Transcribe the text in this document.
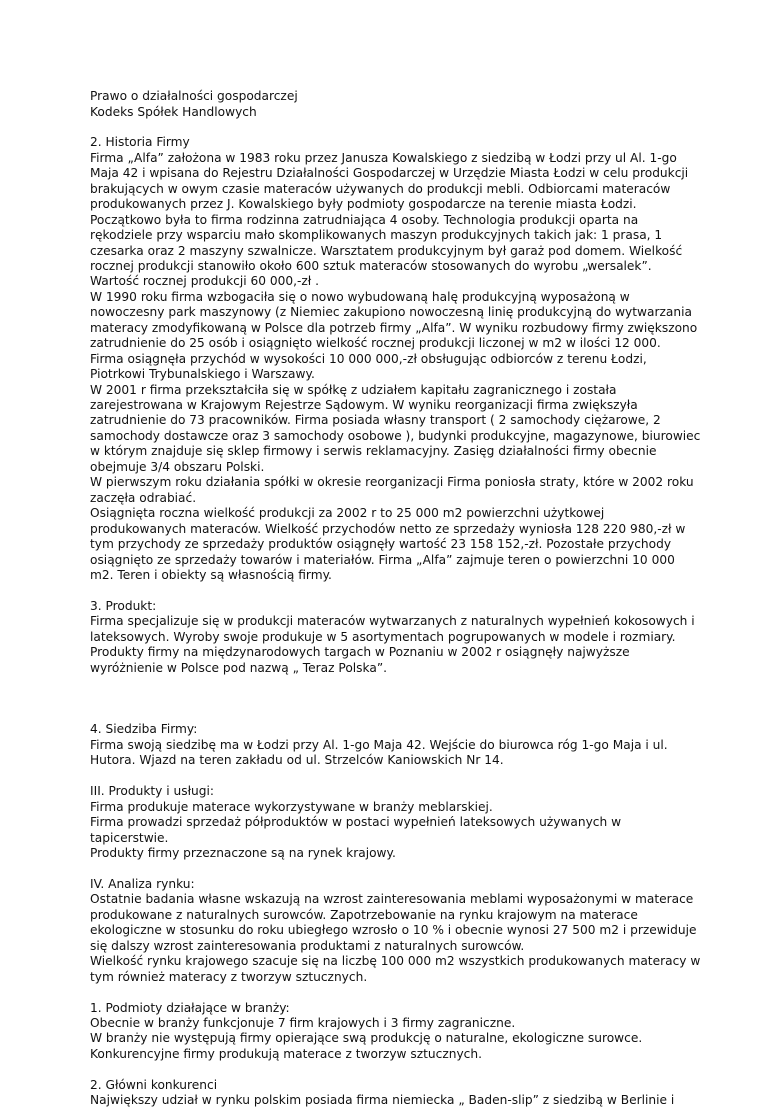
Prawo o działalności gospodarczej
Kodeks Spółek Handlowych
2. Historia Firmy
Firma „Alfa” założona w 1983 roku przez Janusza Kowalskiego z siedzibą w Łodzi przy ul Al. 1-go
Maja 42 i wpisana do Rejestru Działalności Gospodarczej w Urzędzie Miasta Łodzi w celu produkcji
brakujących w owym czasie materaców używanych do produkcji mebli. Odbiorcami materaców
produkowanych przez J. Kowalskiego były podmioty gospodarcze na terenie miasta Łodzi.
Początkowo była to firma rodzinna zatrudniająca 4 osoby. Technologia produkcji oparta na
rękodziele przy wsparciu mało skomplikowanych maszyn produkcyjnych takich jak: 1 prasa, 1
czesarka oraz 2 maszyny szwalnicze. Warsztatem produkcyjnym był garaż pod domem. Wielkość
rocznej produkcji stanowiło około 600 sztuk materaców stosowanych do wyrobu „wersalek”.
Wartość rocznej produkcji 60 000,-zł .
W 1990 roku firma wzbogaciła się o nowo wybudowaną halę produkcyjną wyposażoną w
nowoczesny park maszynowy (z Niemiec zakupiono nowoczesną linię produkcyjną do wytwarzania
materacy zmodyfikowaną w Polsce dla potrzeb firmy „Alfa”. W wyniku rozbudowy firmy zwiększono
zatrudnienie do 25 osób i osiągnięto wielkość rocznej produkcji liczonej w m2 w ilości 12 000.
Firma osiągnęła przychód w wysokości 10 000 000,-zł obsługując odbiorców z terenu Łodzi,
Piotrkowi Trybunalskiego i Warszawy.
W 2001 r firma przekształciła się w spółkę z udziałem kapitału zagranicznego i została
zarejestrowana w Krajowym Rejestrze Sądowym. W wyniku reorganizacji firma zwiększyła
zatrudnienie do 73 pracowników. Firma posiada własny transport ( 2 samochody ciężarowe, 2
samochody dostawcze oraz 3 samochody osobowe ), budynki produkcyjne, magazynowe, biurowiec
w którym znajduje się sklep firmowy i serwis reklamacyjny. Zasięg działalności firmy obecnie
obejmuje 3/4 obszaru Polski.
W pierwszym roku działania spółki w okresie reorganizacji Firma poniosła straty, które w 2002 roku
zaczęła odrabiać.
Osiągnięta roczna wielkość produkcji za 2002 r to 25 000 m2 powierzchni użytkowej
produkowanych materaców. Wielkość przychodów netto ze sprzedaży wyniosła 128 220 980,-zł w
tym przychody ze sprzedaży produktów osiągnęły wartość 23 158 152,-zł. Pozostałe przychody
osiągnięto ze sprzedaży towarów i materiałów. Firma „Alfa” zajmuje teren o powierzchni 10 000
m2. Teren i obiekty są własnością firmy.
3. Produkt:
Firma specjalizuje się w produkcji materaców wytwarzanych z naturalnych wypełnień kokosowych i
lateksowych. Wyroby swoje produkuje w 5 asortymentach pogrupowanych w modele i rozmiary.
Produkty firmy na międzynarodowych targach w Poznaniu w 2002 r osiągnęły najwyższe
wyróżnienie w Polsce pod nazwą „ Teraz Polska”.
4. Siedziba Firmy:
Firma swoją siedzibę ma w Łodzi przy Al. 1-go Maja 42. Wejście do biurowca róg 1-go Maja i ul.
Hutora. Wjazd na teren zakładu od ul. Strzelców Kaniowskich Nr 14.
III. Produkty i usługi:
Firma produkuje materace wykorzystywane w branży meblarskiej.
Firma prowadzi sprzedaż półproduktów w postaci wypełnień lateksowych używanych w
tapicerstwie.
Produkty firmy przeznaczone są na rynek krajowy.
IV. Analiza rynku:
Ostatnie badania własne wskazują na wzrost zainteresowania meblami wyposażonymi w materace
produkowane z naturalnych surowców. Zapotrzebowanie na rynku krajowym na materace
ekologiczne w stosunku do roku ubiegłego wzrosło o 10 % i obecnie wynosi 27 500 m2 i przewiduje
się dalszy wzrost zainteresowania produktami z naturalnych surowców.
Wielkość rynku krajowego szacuje się na liczbę 100 000 m2 wszystkich produkowanych materacy w
tym również materacy z tworzyw sztucznych.
1. Podmioty działające w branży:
Obecnie w branży funkcjonuje 7 firm krajowych i 3 firmy zagraniczne.
W branży nie występują firmy opierające swą produkcję o naturalne, ekologiczne surowce.
Konkurencyjne firmy produkują materace z tworzyw sztucznych.
2. Główni konkurenci
Największy udział w rynku polskim posiada firma niemiecka „ Baden-slip” z siedzibą w Berlinie i
